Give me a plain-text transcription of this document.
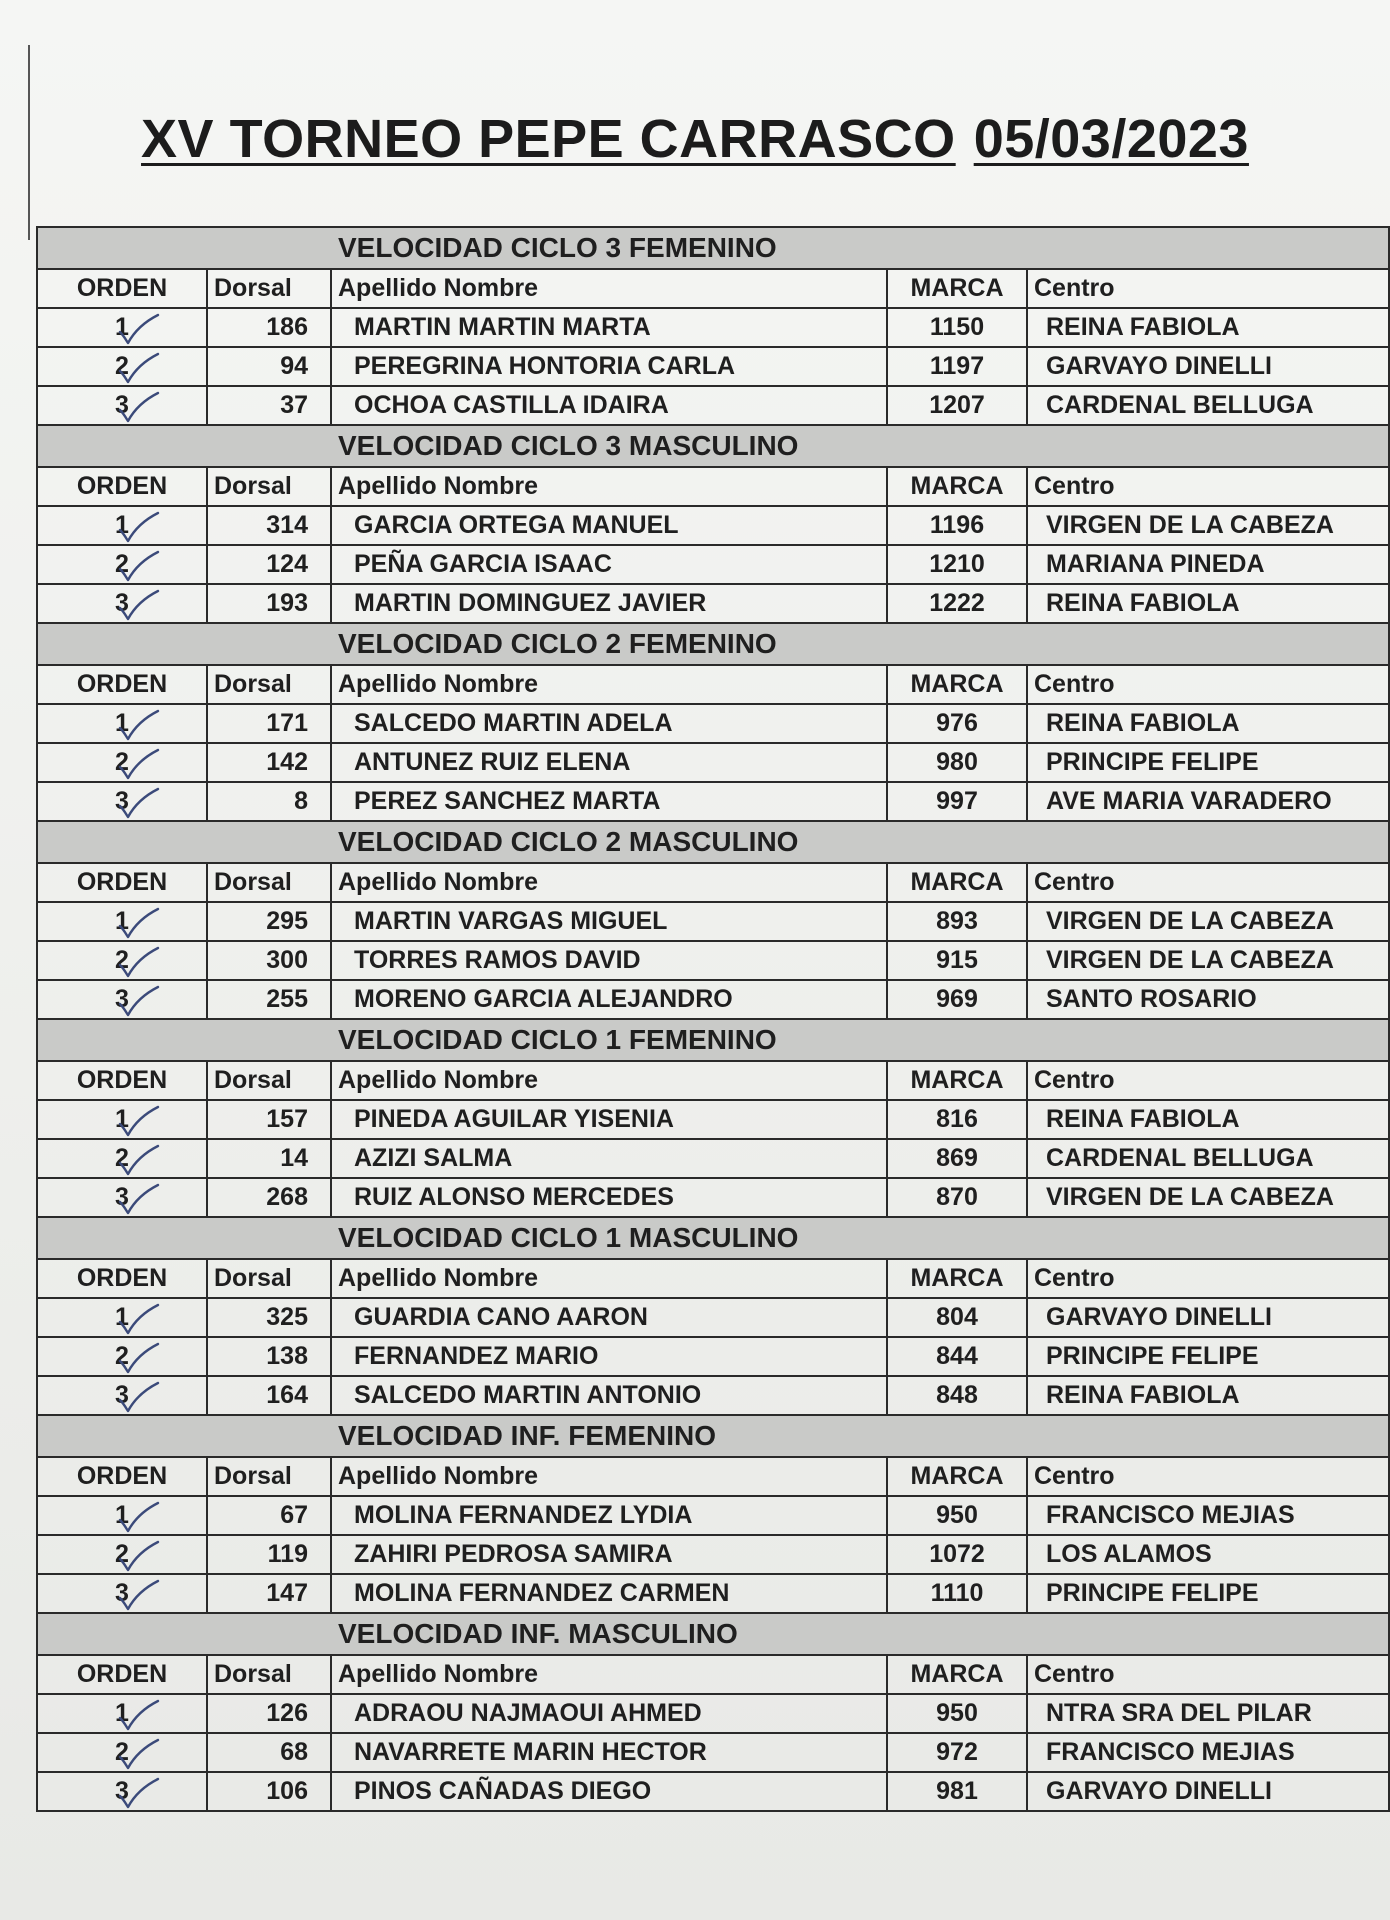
XV TORNEO PEPE CARRASCO 05/03/2023
VELOCIDAD CICLO 3 FEMENINO				
ORDEN	Dorsal	Apellido Nombre	MARCA	Centro
1	186	MARTIN MARTIN MARTA	1150	REINA FABIOLA
2	94	PEREGRINA HONTORIA CARLA	1197	GARVAYO DINELLI
3	37	OCHOA CASTILLA IDAIRA	1207	CARDENAL BELLUGA
VELOCIDAD CICLO 3 MASCULINO				
ORDEN	Dorsal	Apellido Nombre	MARCA	Centro
1	314	GARCIA ORTEGA MANUEL	1196	VIRGEN DE LA CABEZA
2	124	PEÑA GARCIA ISAAC	1210	MARIANA PINEDA
3	193	MARTIN DOMINGUEZ JAVIER	1222	REINA FABIOLA
VELOCIDAD CICLO 2 FEMENINO				
ORDEN	Dorsal	Apellido Nombre	MARCA	Centro
1	171	SALCEDO MARTIN ADELA	976	REINA FABIOLA
2	142	ANTUNEZ RUIZ ELENA	980	PRINCIPE FELIPE
3	8	PEREZ SANCHEZ MARTA	997	AVE MARIA VARADERO
VELOCIDAD CICLO 2 MASCULINO				
ORDEN	Dorsal	Apellido Nombre	MARCA	Centro
1	295	MARTIN VARGAS MIGUEL	893	VIRGEN DE LA CABEZA
2	300	TORRES RAMOS DAVID	915	VIRGEN DE LA CABEZA
3	255	MORENO GARCIA ALEJANDRO	969	SANTO ROSARIO
VELOCIDAD CICLO 1 FEMENINO				
ORDEN	Dorsal	Apellido Nombre	MARCA	Centro
1	157	PINEDA AGUILAR YISENIA	816	REINA FABIOLA
2	14	AZIZI SALMA	869	CARDENAL BELLUGA
3	268	RUIZ ALONSO MERCEDES	870	VIRGEN DE LA CABEZA
VELOCIDAD CICLO 1 MASCULINO				
ORDEN	Dorsal	Apellido Nombre	MARCA	Centro
1	325	GUARDIA CANO AARON	804	GARVAYO DINELLI
2	138	FERNANDEZ MARIO	844	PRINCIPE FELIPE
3	164	SALCEDO MARTIN ANTONIO	848	REINA FABIOLA
VELOCIDAD INF. FEMENINO				
ORDEN	Dorsal	Apellido Nombre	MARCA	Centro
1	67	MOLINA FERNANDEZ LYDIA	950	FRANCISCO MEJIAS
2	119	ZAHIRI PEDROSA SAMIRA	1072	LOS ALAMOS
3	147	MOLINA FERNANDEZ CARMEN	1110	PRINCIPE FELIPE
VELOCIDAD INF. MASCULINO				
ORDEN	Dorsal	Apellido Nombre	MARCA	Centro
1	126	ADRAOU NAJMAOUI AHMED	950	NTRA SRA DEL PILAR
2	68	NAVARRETE MARIN HECTOR	972	FRANCISCO MEJIAS
3	106	PINOS CAÑADAS DIEGO	981	GARVAYO DINELLI
